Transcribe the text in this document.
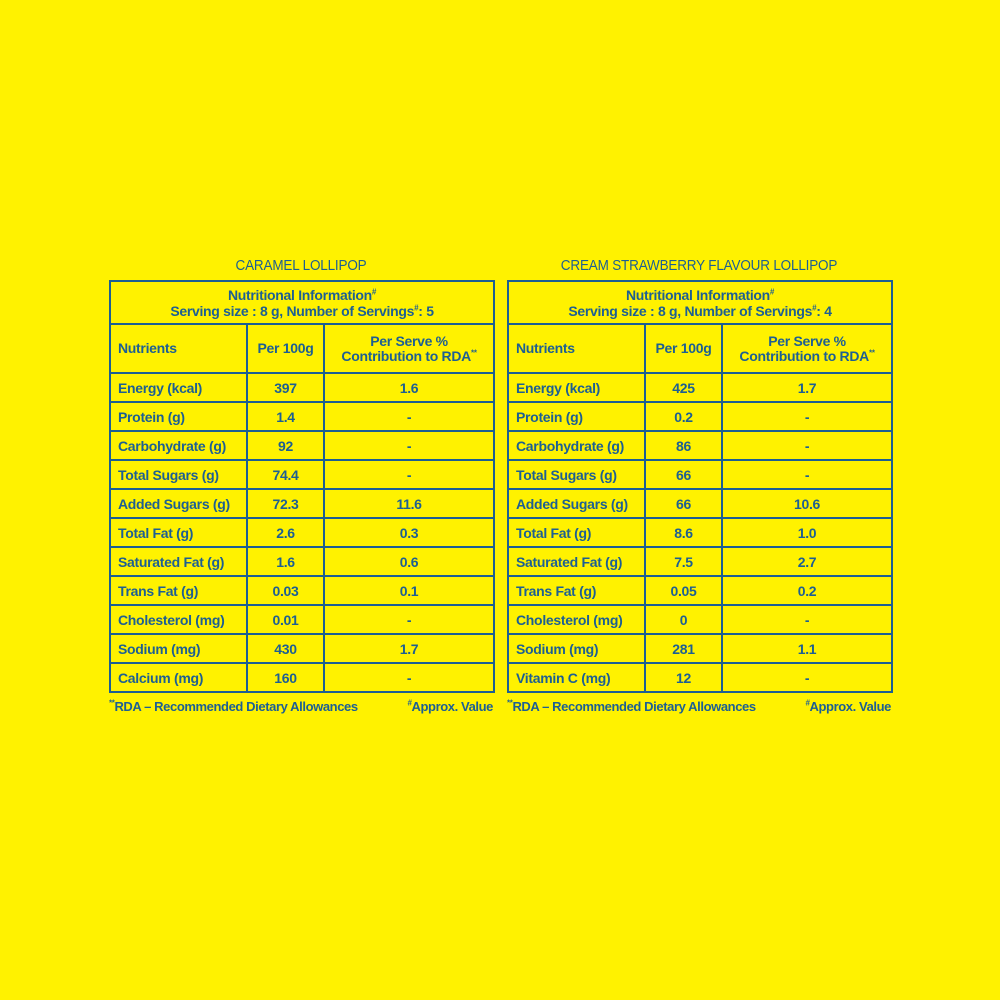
CARAMEL LOLLIPOP
Nutritional Information#
Serving size : 8 g, Number of Servings#: 5		
Nutrients	Per 100g	Per Serve %
Contribution to RDA**
Energy (kcal)	397	1.6
Protein (g)	1.4	-
Carbohydrate (g)	92	-
Total Sugars (g)	74.4	-
Added Sugars (g)	72.3	11.6
Total Fat (g)	2.6	0.3
Saturated Fat (g)	1.6	0.6
Trans Fat (g)	0.03	0.1
Cholesterol (mg)	0.01	-
Sodium (mg)	430	1.7
Calcium (mg)	160	-
**RDA – Recommended Dietary Allowances	#Approx. Value
CREAM STRAWBERRY FLAVOUR LOLLIPOP
Nutritional Information#
Serving size : 8 g, Number of Servings#: 4		
Nutrients	Per 100g	Per Serve %
Contribution to RDA**
Energy (kcal)	425	1.7
Protein (g)	0.2	-
Carbohydrate (g)	86	-
Total Sugars (g)	66	-
Added Sugars (g)	66	10.6
Total Fat (g)	8.6	1.0
Saturated Fat (g)	7.5	2.7
Trans Fat (g)	0.05	0.2
Cholesterol (mg)	0	-
Sodium (mg)	281	1.1
Vitamin C (mg)	12	-
**RDA – Recommended Dietary Allowances	#Approx. Value
